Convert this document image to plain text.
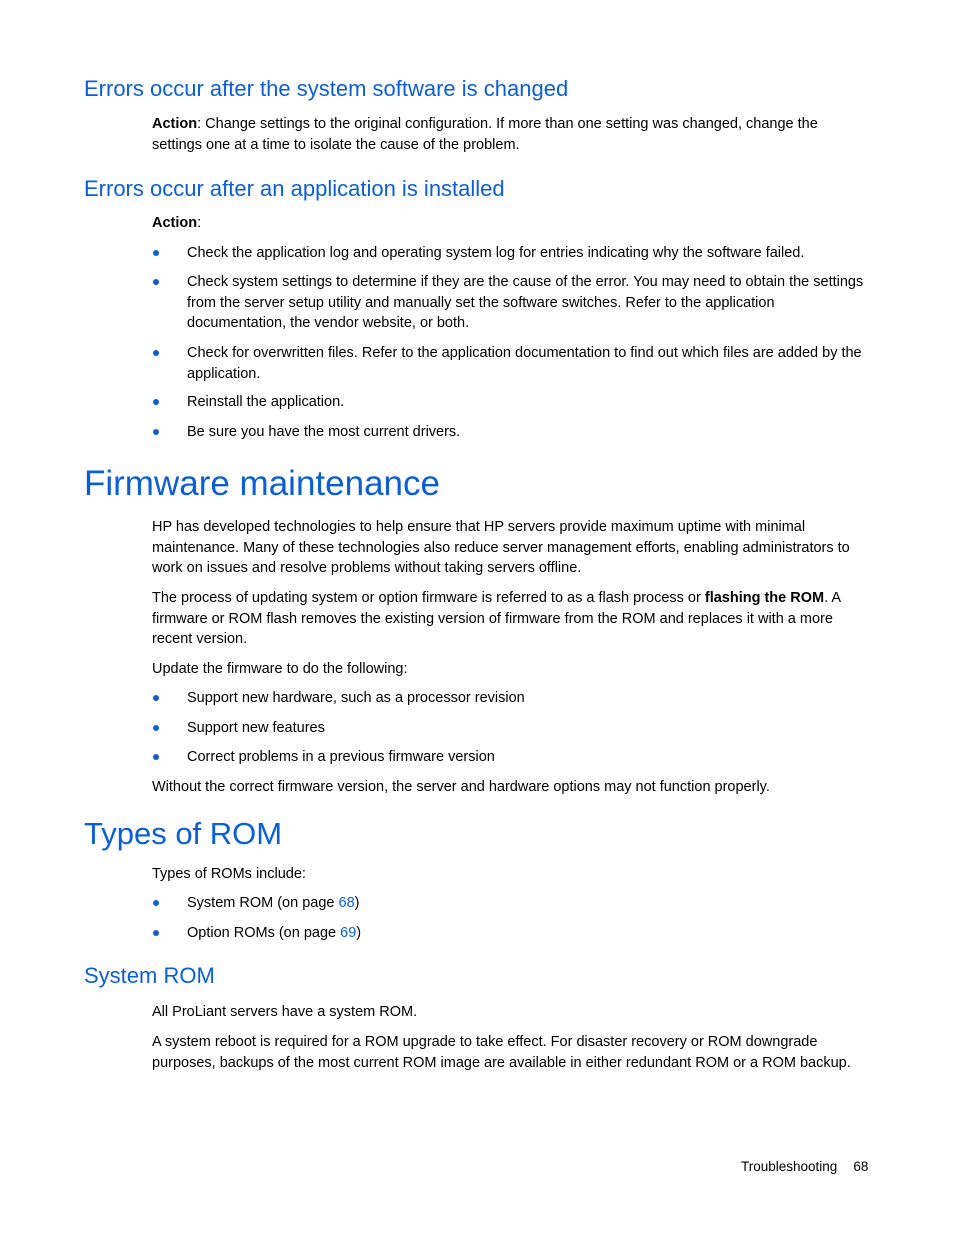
Errors occur after the system software is changed

Action: Change settings to the original configuration. If more than one setting was changed, change the settings one at a time to isolate the cause of the problem.

Errors occur after an application is installed

Action:

Check the application log and operating system log for entries indicating why the software failed.
Check system settings to determine if they are the cause of the error. You may need to obtain the settings from the server setup utility and manually set the software switches. Refer to the application documentation, the vendor website, or both.
Check for overwritten files. Refer to the application documentation to find out which files are added by the application.
Reinstall the application.
Be sure you have the most current drivers.
Firmware maintenance

HP has developed technologies to help ensure that HP servers provide maximum uptime with minimal maintenance. Many of these technologies also reduce server management efforts, enabling administrators to work on issues and resolve problems without taking servers offline.

The process of updating system or option firmware is referred to as a flash process or flashing the ROM. A firmware or ROM flash removes the existing version of firmware from the ROM and replaces it with a more recent version.

Update the firmware to do the following:

Support new hardware, such as a processor revision
Support new features
Correct problems in a previous firmware version

Without the correct firmware version, the server and hardware options may not function properly.

Types of ROM

Types of ROMs include:

System ROM (on page 68)
Option ROMs (on page 69)
System ROM

All ProLiant servers have a system ROM.

A system reboot is required for a ROM upgrade to take effect. For disaster recovery or ROM downgrade purposes, backups of the most current ROM image are available in either redundant ROM or a ROM backup.

Troubleshooting 68
